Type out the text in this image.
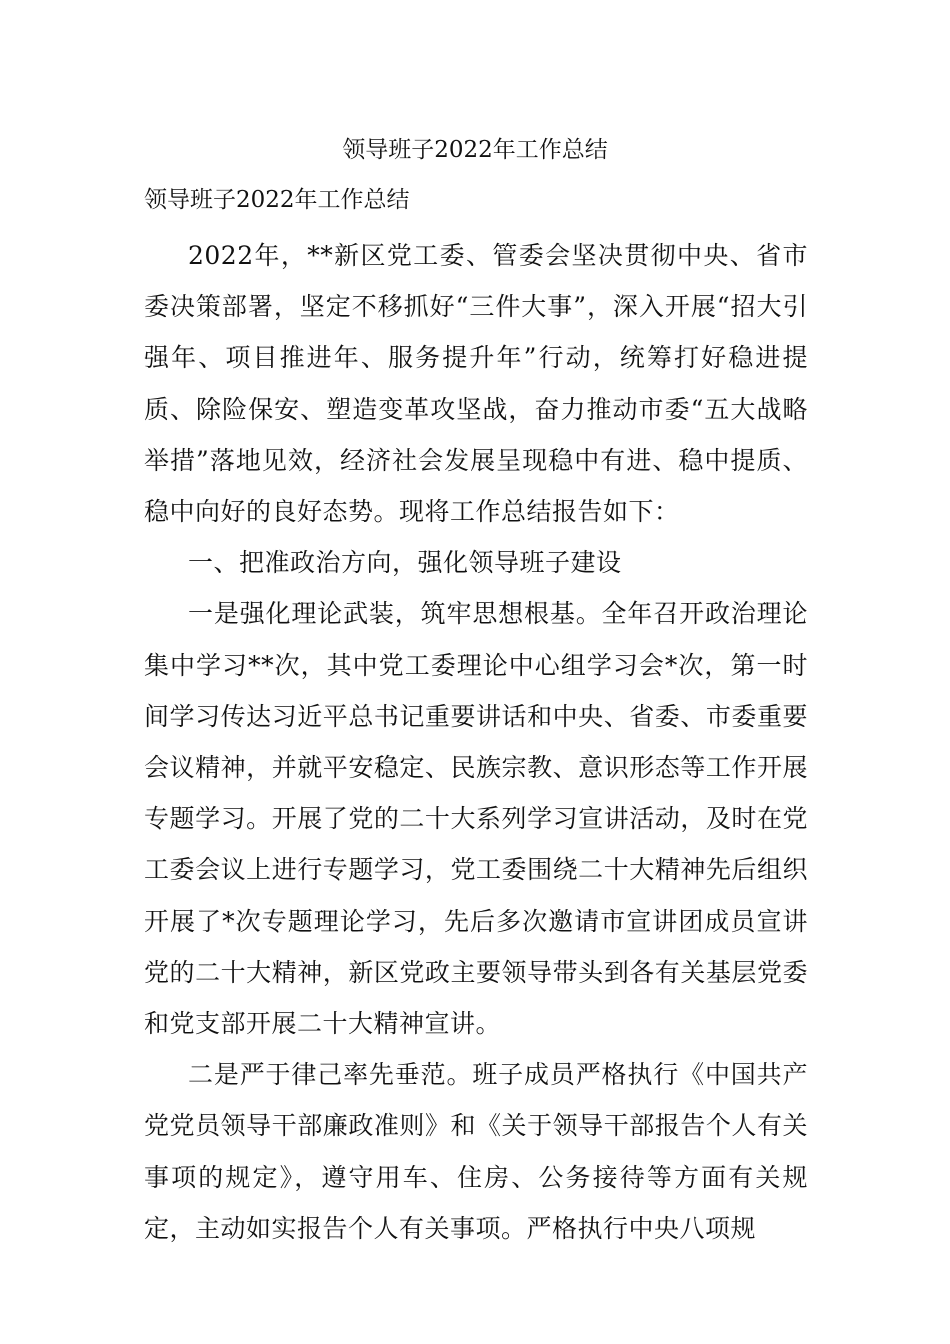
领导班子2022年工作总结

领导班子2022年工作总结

2022年，**新区党工委、管委会坚决贯彻中央、省市委决策部署，坚定不移抓好“三件大事”，深入开展“招大引强年、项目推进年、服务提升年”行动，统筹打好稳进提质、除险保安、塑造变革攻坚战，奋力推动市委“五大战略举措”落地见效，经济社会发展呈现稳中有进、稳中提质、稳中向好的良好态势。现将工作总结报告如下：

一、把准政治方向，强化领导班子建设

一是强化理论武装，筑牢思想根基。全年召开政治理论集中学习**次，其中党工委理论中心组学习会*次，第一时间学习传达习近平总书记重要讲话和中央、省委、市委重要会议精神，并就平安稳定、民族宗教、意识形态等工作开展专题学习。开展了党的二十大系列学习宣讲活动，及时在党工委会议上进行专题学习，党工委围绕二十大精神先后组织开展了*次专题理论学习，先后多次邀请市宣讲团成员宣讲党的二十大精神，新区党政主要领导带头到各有关基层党委和党支部开展二十大精神宣讲。

二是严于律己率先垂范。班子成员严格执行《中国共产党党员领导干部廉政准则》和《关于领导干部报告个人有关事项的规定》，遵守用车、住房、公务接待等方面有关规定，主动如实报告个人有关事项。严格执行中央八项规
